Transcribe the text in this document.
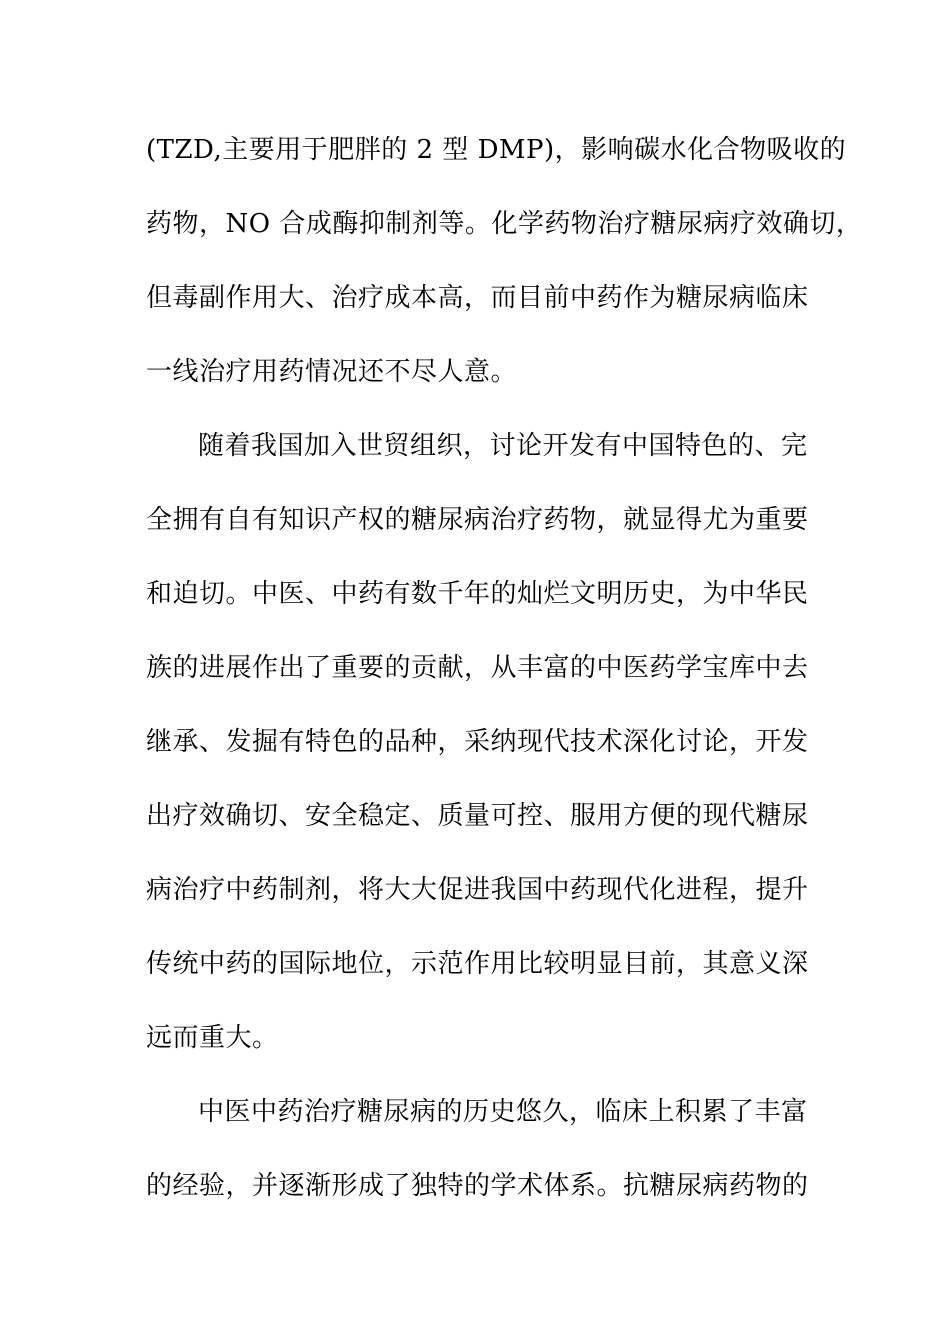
(TZD,主要用于肥胖的 2 型 DMP)，影响碳水化合物吸收的
药物，NO 合成酶抑制剂等。化学药物治疗糖尿病疗效确切，
但毒副作用大、治疗成本高，而目前中药作为糖尿病临床
一线治疗用药情况还不尽人意。
随着我国加入世贸组织，讨论开发有中国特色的、完
全拥有自有知识产权的糖尿病治疗药物，就显得尤为重要
和迫切。中医、中药有数千年的灿烂文明历史，为中华民
族的进展作出了重要的贡献，从丰富的中医药学宝库中去
继承、发掘有特色的品种，采纳现代技术深化讨论，开发
出疗效确切、安全稳定、质量可控、服用方便的现代糖尿
病治疗中药制剂，将大大促进我国中药现代化进程，提升
传统中药的国际地位，示范作用比较明显目前，其意义深
远而重大。
中医中药治疗糖尿病的历史悠久，临床上积累了丰富
的经验，并逐渐形成了独特的学术体系。抗糖尿病药物的
